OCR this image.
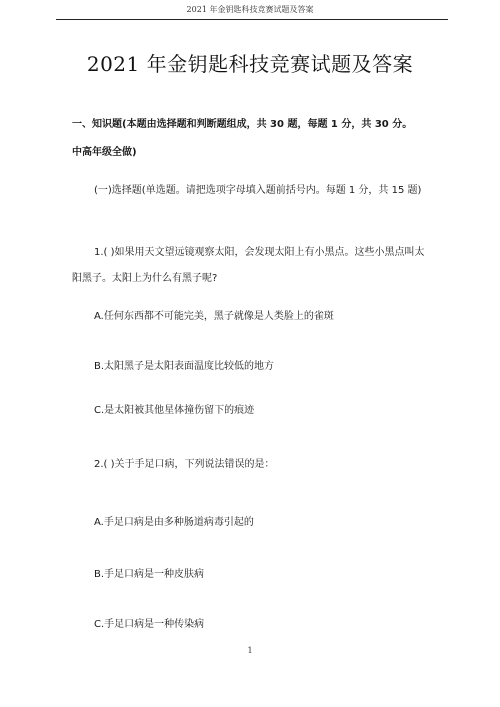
2021 年金钥匙科技竞赛试题及答案
2021 年金钥匙科技竞赛试题及答案

一、知识题(本题由选择题和判断题组成，共 30 题，每题 1 分，共 30 分。

中高年级全做)

(一)选择题(单选题。请把选项字母填入题前括号内。每题 1 分，共 15 题)

1.( )如果用天文望远镜观察太阳，会发现太阳上有小黑点。这些小黑点叫太

阳黑子。太阳上为什么有黑子呢?

A.任何东西都不可能完美，黑子就像是人类脸上的雀斑

B.太阳黑子是太阳表面温度比较低的地方

C.是太阳被其他星体撞伤留下的痕迹

2.( )关于手足口病，下列说法错误的是：

A.手足口病是由多种肠道病毒引起的

B.手足口病是一种皮肤病

C.手足口病是一种传染病

1
